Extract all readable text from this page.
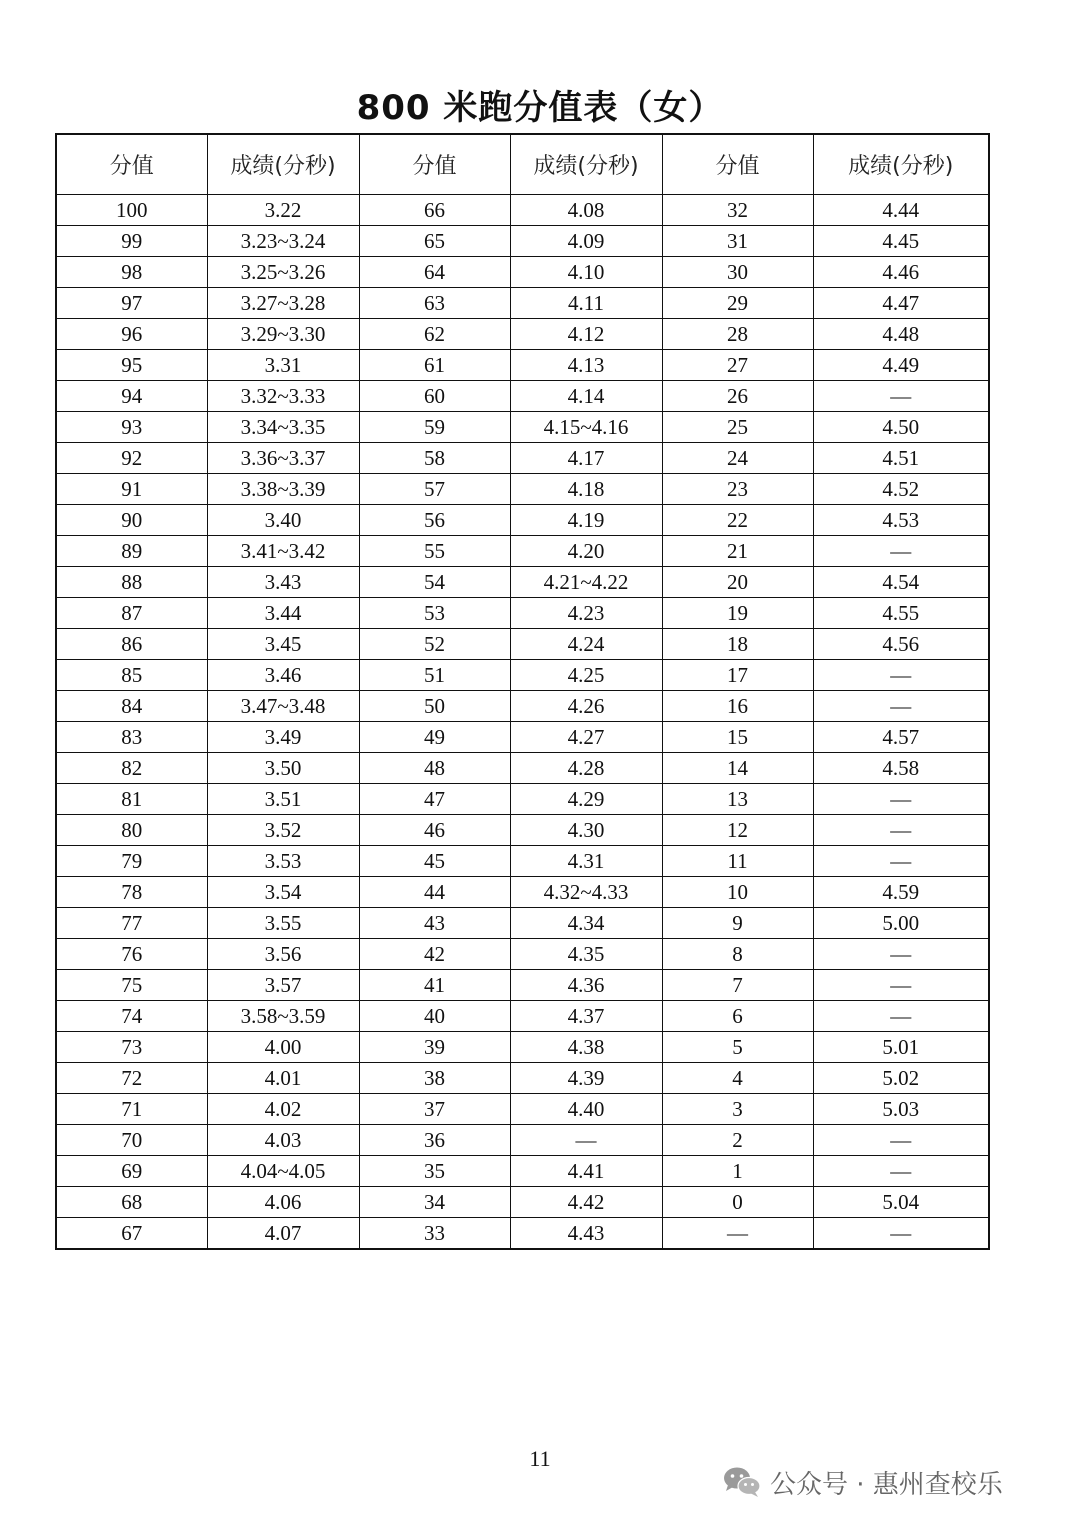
800 米跑分值表（女）
分值	成绩(分秒)	分值	成绩(分秒)	分值	成绩(分秒)
100	3.22	66	4.08	32	4.44
99	3.23~3.24	65	4.09	31	4.45
98	3.25~3.26	64	4.10	30	4.46
97	3.27~3.28	63	4.11	29	4.47
96	3.29~3.30	62	4.12	28	4.48
95	3.31	61	4.13	27	4.49
94	3.32~3.33	60	4.14	26	—
93	3.34~3.35	59	4.15~4.16	25	4.50
92	3.36~3.37	58	4.17	24	4.51
91	3.38~3.39	57	4.18	23	4.52
90	3.40	56	4.19	22	4.53
89	3.41~3.42	55	4.20	21	—
88	3.43	54	4.21~4.22	20	4.54
87	3.44	53	4.23	19	4.55
86	3.45	52	4.24	18	4.56
85	3.46	51	4.25	17	—
84	3.47~3.48	50	4.26	16	—
83	3.49	49	4.27	15	4.57
82	3.50	48	4.28	14	4.58
81	3.51	47	4.29	13	—
80	3.52	46	4.30	12	—
79	3.53	45	4.31	11	—
78	3.54	44	4.32~4.33	10	4.59
77	3.55	43	4.34	9	5.00
76	3.56	42	4.35	8	—
75	3.57	41	4.36	7	—
74	3.58~3.59	40	4.37	6	—
73	4.00	39	4.38	5	5.01
72	4.01	38	4.39	4	5.02
71	4.02	37	4.40	3	5.03
70	4.03	36	—	2	—
69	4.04~4.05	35	4.41	1	—
68	4.06	34	4.42	0	5.04
67	4.07	33	4.43	—	—
11
公众号 · 惠州查校乐
